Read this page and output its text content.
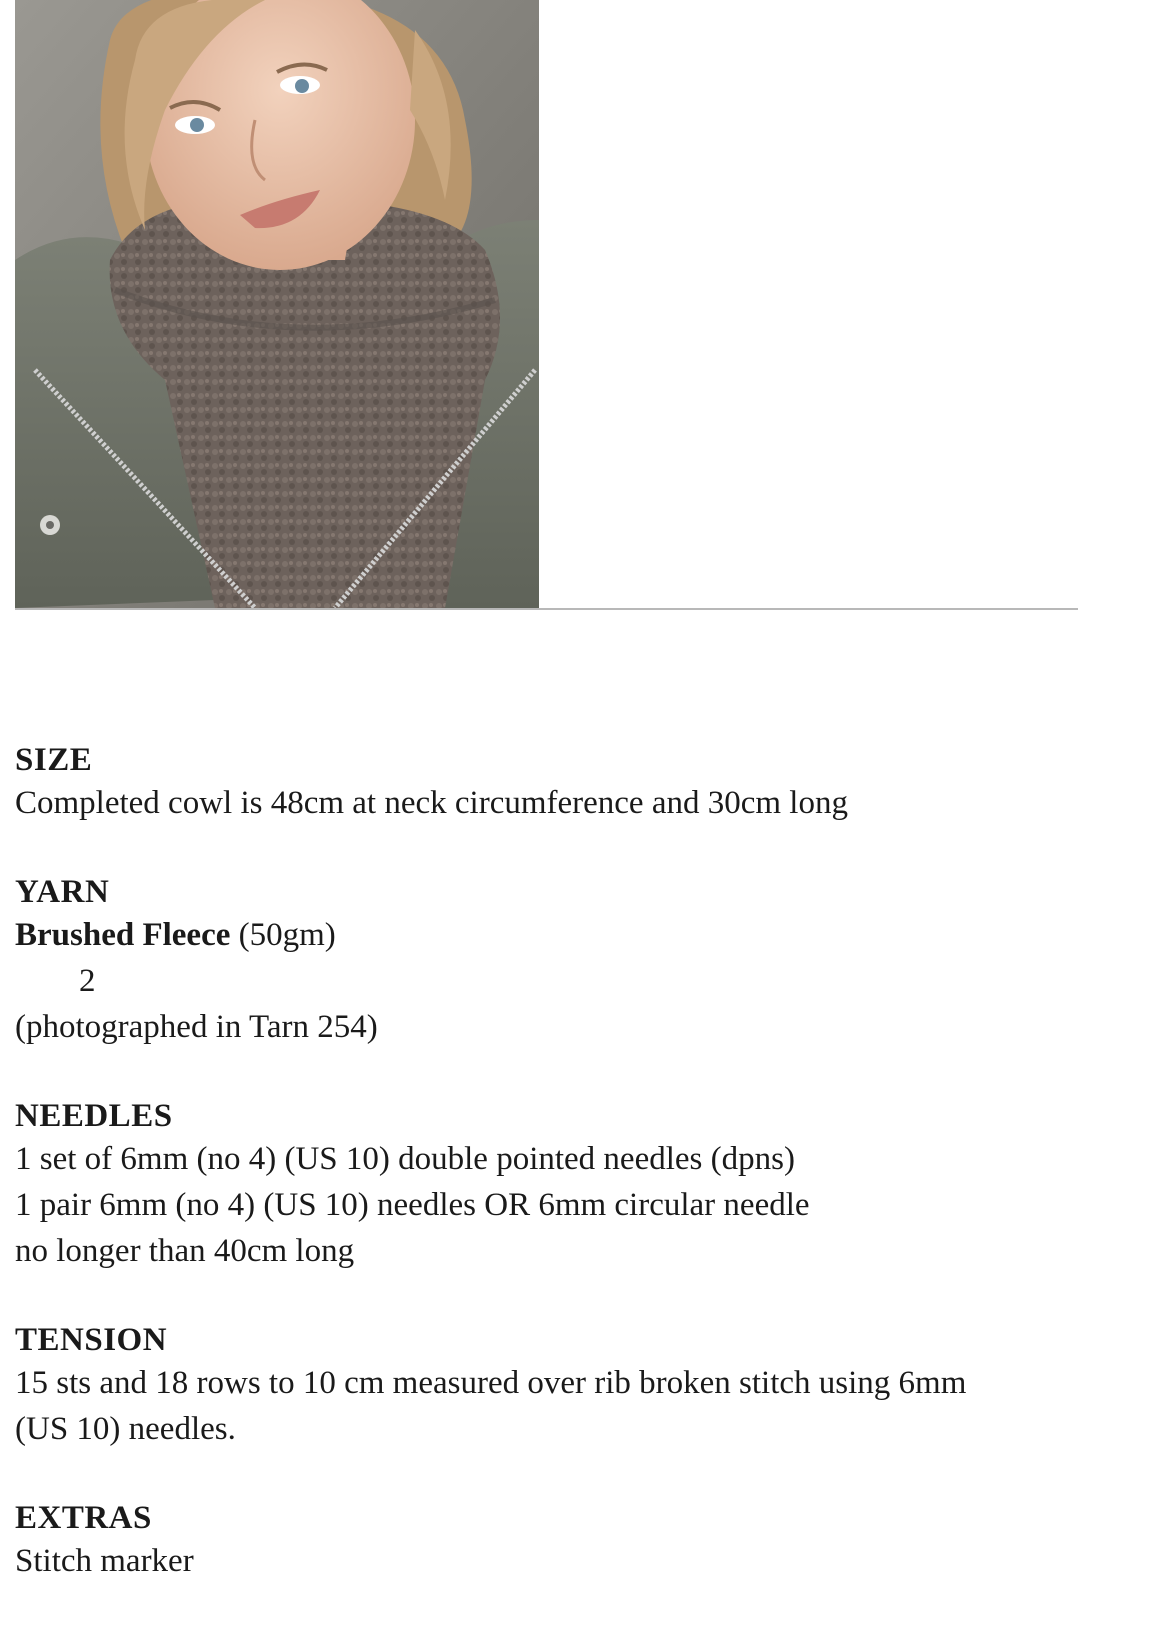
SIZE

Completed cowl is 48cm at neck circumference and 30cm long

YARN

Brushed Fleece (50gm)

2

(photographed in Tarn 254)

NEEDLES

1 set of 6mm (no 4) (US 10) double pointed needles (dpns)

1 pair 6mm (no 4) (US 10) needles OR 6mm circular needle

no longer than 40cm long

TENSION

15 sts and 18 rows to 10 cm measured over rib broken stitch using 6mm

(US 10) needles.

EXTRAS

Stitch marker
